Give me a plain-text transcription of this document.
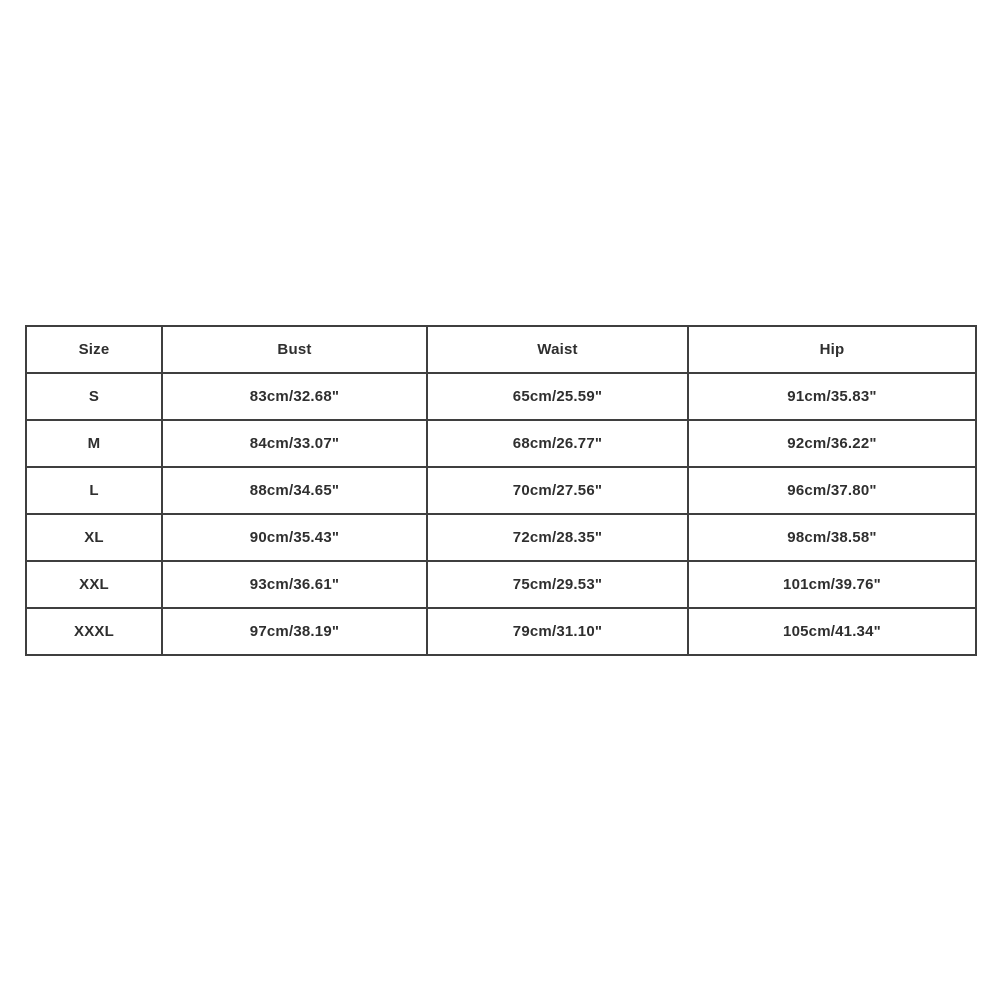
Size	Bust	Waist	Hip
S	83cm/32.68"	65cm/25.59"	91cm/35.83"
M	84cm/33.07"	68cm/26.77"	92cm/36.22"
L	88cm/34.65"	70cm/27.56"	96cm/37.80"
XL	90cm/35.43"	72cm/28.35"	98cm/38.58"
XXL	93cm/36.61"	75cm/29.53"	101cm/39.76"
XXXL	97cm/38.19"	79cm/31.10"	105cm/41.34"
